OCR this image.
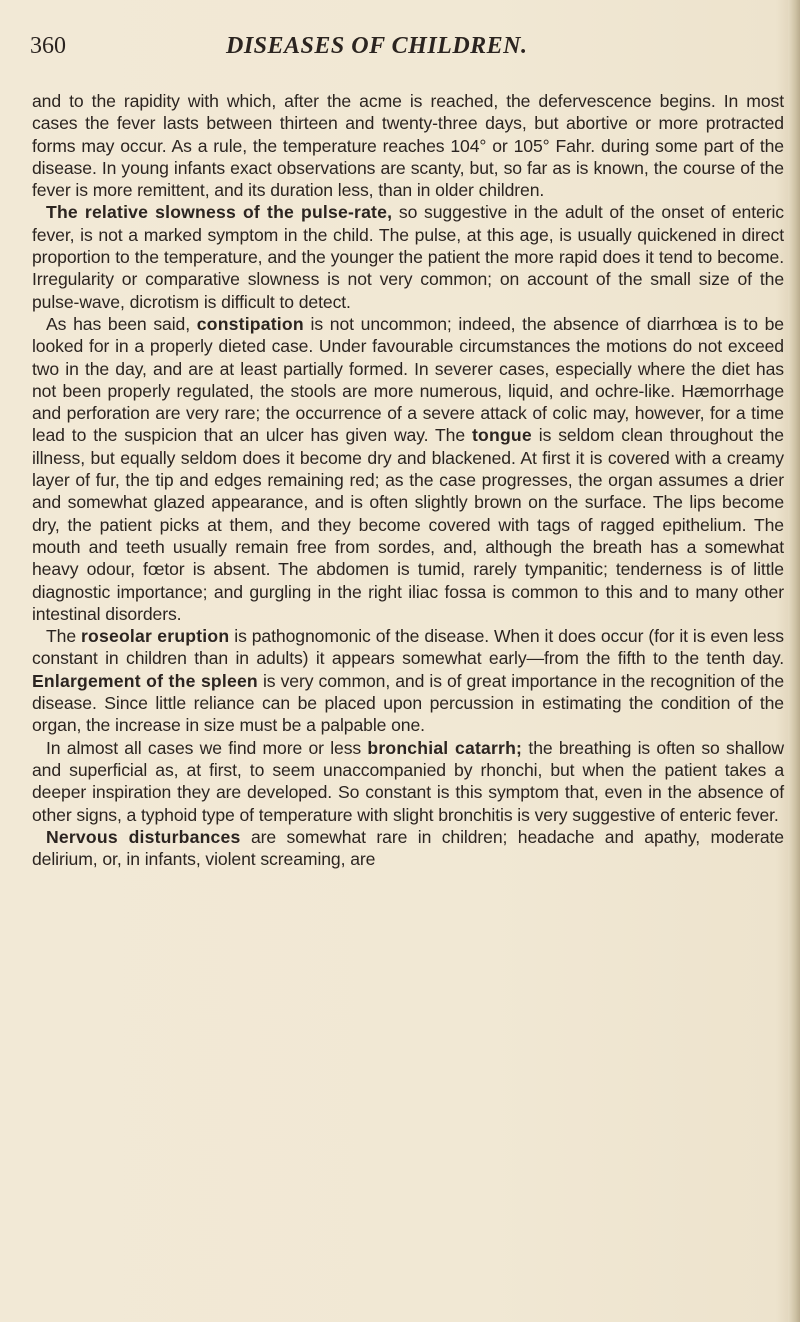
360	DISEASES OF CHILDREN.

and to the rapidity with which, after the acme is reached, the defervescence begins. In most cases the fever lasts between thirteen and twenty-three days, but abortive or more protracted forms may occur. As a rule, the temperature reaches 104° or 105° Fahr. during some part of the disease. In young infants exact observations are scanty, but, so far as is known, the course of the fever is more remittent, and its duration less, than in older children.

The relative slowness of the pulse-rate, so suggestive in the adult of the onset of enteric fever, is not a marked symptom in the child. The pulse, at this age, is usually quickened in direct proportion to the temperature, and the younger the patient the more rapid does it tend to become. Irregularity or comparative slowness is not very common; on account of the small size of the pulse-wave, dicrotism is difficult to detect.

As has been said, constipation is not uncommon; indeed, the absence of diarrhœa is to be looked for in a properly dieted case. Under favourable circumstances the motions do not exceed two in the day, and are at least partially formed. In severer cases, especially where the diet has not been properly regulated, the stools are more numerous, liquid, and ochre-like. Hæmorrhage and perforation are very rare; the occurrence of a severe attack of colic may, however, for a time lead to the suspicion that an ulcer has given way. The tongue is seldom clean throughout the illness, but equally seldom does it become dry and blackened. At first it is covered with a creamy layer of fur, the tip and edges remaining red; as the case progresses, the organ assumes a drier and somewhat glazed appearance, and is often slightly brown on the surface. The lips become dry, the patient picks at them, and they become covered with tags of ragged epithelium. The mouth and teeth usually remain free from sordes, and, although the breath has a somewhat heavy odour, fœtor is absent. The abdomen is tumid, rarely tympanitic; tenderness is of little diagnostic importance; and gurgling in the right iliac fossa is common to this and to many other intestinal disorders.

The roseolar eruption is pathognomonic of the disease. When it does occur (for it is even less constant in children than in adults) it appears somewhat early—from the fifth to the tenth day. Enlargement of the spleen is very common, and is of great importance in the recognition of the disease. Since little reliance can be placed upon percussion in estimating the condition of the organ, the increase in size must be a palpable one.

In almost all cases we find more or less bronchial catarrh; the breathing is often so shallow and superficial as, at first, to seem unaccompanied by rhonchi, but when the patient takes a deeper inspiration they are developed. So constant is this symptom that, even in the absence of other signs, a typhoid type of temperature with slight bronchitis is very suggestive of enteric fever.

Nervous disturbances are somewhat rare in children; headache and apathy, moderate delirium, or, in infants, violent screaming, are
